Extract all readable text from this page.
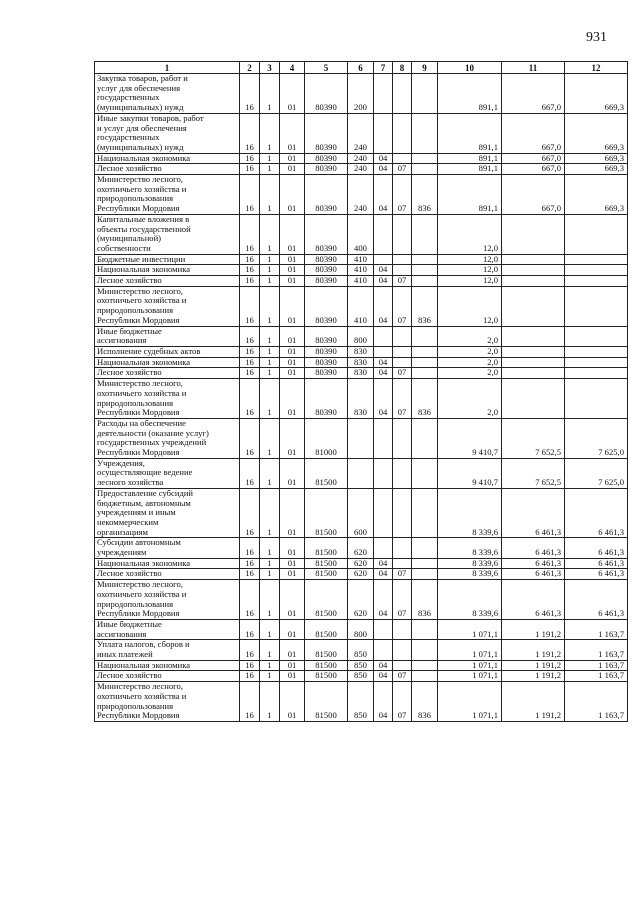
931
1	2	3	4	5	6	7	8	9	10	11	12
Закупка товаров, работ и
услуг для обеспечения
государственных
(муниципальных) нужд	16	1	01	80390	200				891,1	667,0	669,3
Иные закупки товаров, работ
и услуг для обеспечения
государственных
(муниципальных) нужд	16	1	01	80390	240				891,1	667,0	669,3
Национальная экономика	16	1	01	80390	240	04			891,1	667,0	669,3
Лесное хозяйство	16	1	01	80390	240	04	07		891,1	667,0	669,3
Министерство лесного,
охотничьего хозяйства и
природопользования
Республики Мордовия	16	1	01	80390	240	04	07	836	891,1	667,0	669,3
Капитальные вложения в
объекты государственной
(муниципальной)
собственности	16	1	01	80390	400				12,0		
Бюджетные инвестиции	16	1	01	80390	410				12,0		
Национальная экономика	16	1	01	80390	410	04			12,0		
Лесное хозяйство	16	1	01	80390	410	04	07		12,0		
Министерство лесного,
охотничьего хозяйства и
природопользования
Республики Мордовия	16	1	01	80390	410	04	07	836	12,0		
Иные бюджетные
ассигнования	16	1	01	80390	800				2,0		
Исполнение судебных актов	16	1	01	80390	830				2,0		
Национальная экономика	16	1	01	80390	830	04			2,0		
Лесное хозяйство	16	1	01	80390	830	04	07		2,0		
Министерство лесного,
охотничьего хозяйства и
природопользования
Республики Мордовия	16	1	01	80390	830	04	07	836	2,0		
Расходы на обеспечение
деятельности (оказание услуг)
государственных учреждений
Республики Мордовия	16	1	01	81000					9 410,7	7 652,5	7 625,0
Учреждения,
осуществляющие ведение
лесного хозяйства	16	1	01	81500					9 410,7	7 652,5	7 625,0
Предоставление субсидий
бюджетным, автономным
учреждениям и иным
некоммерческим
организациям	16	1	01	81500	600				8 339,6	6 461,3	6 461,3
Субсидии автономным
учреждениям	16	1	01	81500	620				8 339,6	6 461,3	6 461,3
Национальная экономика	16	1	01	81500	620	04			8 339,6	6 461,3	6 461,3
Лесное хозяйство	16	1	01	81500	620	04	07		8 339,6	6 461,3	6 461,3
Министерство лесного,
охотничьего хозяйства и
природопользования
Республики Мордовия	16	1	01	81500	620	04	07	836	8 339,6	6 461,3	6 461,3
Иные бюджетные
ассигнования	16	1	01	81500	800				1 071,1	1 191,2	1 163,7
Уплата налогов, сборов и
иных платежей	16	1	01	81500	850				1 071,1	1 191,2	1 163,7
Национальная экономика	16	1	01	81500	850	04			1 071,1	1 191,2	1 163,7
Лесное хозяйство	16	1	01	81500	850	04	07		1 071,1	1 191,2	1 163,7
Министерство лесного,
охотничьего хозяйства и
природопользования
Республики Мордовия	16	1	01	81500	850	04	07	836	1 071,1	1 191,2	1 163,7
